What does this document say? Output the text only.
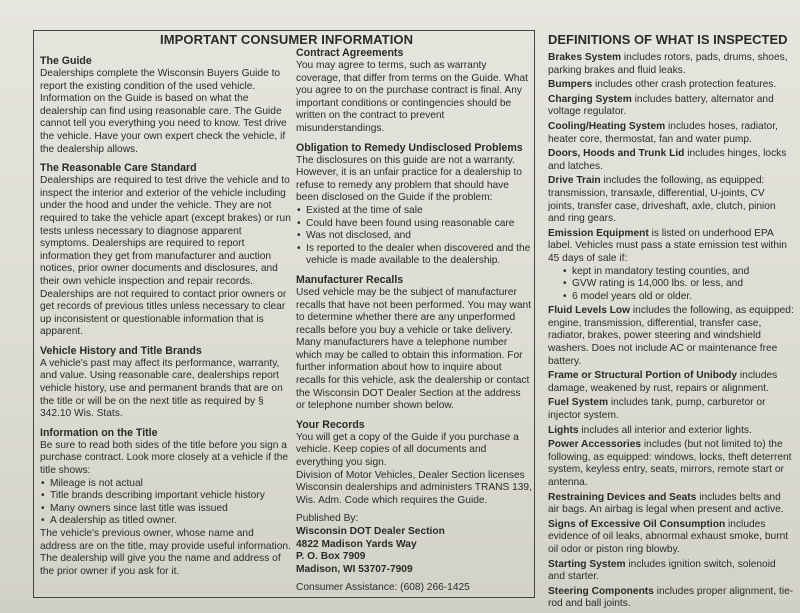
IMPORTANT CONSUMER INFORMATION	DEFINITIONS OF WHAT IS INSPECTED
The Guide

Dealerships complete the Wisconsin Buyers Guide to report the existing condition of the used vehicle. Information on the Guide is based on what the dealership can find using reasonable care. The Guide cannot tell you everything you need to know. Test drive the vehicle. Have your own expert check the vehicle, if the dealership allows.

The Reasonable Care Standard

Dealerships are required to test drive the vehicle and to inspect the interior and exterior of the vehicle including under the hood and under the vehicle. They are not required to take the vehicle apart (except brakes) or run tests unless necessary to diagnose apparent symptoms. Dealerships are required to report information they get from manufacturer and auction notices, prior owner documents and disclosures, and their own vehicle inspection and repair records. Dealerships are not required to contact prior owners or get records of previous titles unless necessary to clear up inconsistent or questionable information that is apparent.

Vehicle History and Title Brands

A vehicle's past may affect its performance, warranty, and value. Using reasonable care, dealerships report vehicle history, use and permanent brands that are on the title or will be on the next title as required by § 342.10 Wis. Stats.

Information on the Title

Be sure to read both sides of the title before you sign a purchase contract. Look more closely at a vehicle if the title shows:

• Mileage is not actual
• Title brands describing important vehicle history
• Many owners since last title was issued
• A dealership as titled owner.

The vehicle's previous owner, whose name and address are on the title, may provide useful information. The dealership will give you the name and address of the prior owner if you ask for it.

Contract Agreements

You may agree to terms, such as warranty coverage, that differ from terms on the Guide. What you agree to on the purchase contract is final. Any important conditions or contingencies should be written on the contract to prevent misunderstandings.

Obligation to Remedy Undisclosed Problems

The disclosures on this guide are not a warranty. However, it is an unfair practice for a dealership to refuse to remedy any problem that should have been disclosed on the Guide if the problem:

• Existed at the time of sale
• Could have been found using reasonable care
• Was not disclosed, and
• Is reported to the dealer when discovered and the vehicle is made available to the dealership.
Manufacturer Recalls

Used vehicle may be the subject of manufacturer recalls that have not been performed. You may want to determine whether there are any unperformed recalls before you buy a vehicle or take delivery. Many manufacturers have a telephone number which may be called to obtain this information. For further information about how to inquire about recalls for this vehicle, ask the dealership or contact the Wisconsin DOT Dealer Section at the address or telephone number shown below.

Your Records

You will get a copy of the Guide if you purchase a vehicle. Keep copies of all documents and everything you sign.

Division of Motor Vehicles, Dealer Section licenses Wisconsin dealerships and administers TRANS 139, Wis. Adm. Code which requires the Guide.

Published By:
Wisconsin DOT Dealer Section
4822 Madison Yards Way
P. O. Box 7909
Madison, WI 53707-7909
Consumer Assistance: (608) 266-1425
Brakes System includes rotors, pads, drums, shoes, parking brakes and fluid leaks.
Bumpers includes other crash protection features.
Charging System includes battery, alternator and voltage regulator.
Cooling/Heating System includes hoses, radiator, heater core, thermostat, fan and water pump.
Doors, Hoods and Trunk Lid includes hinges, locks and latches.
Drive Train includes the following, as equipped: transmission, transaxle, differential, U-joints, CV joints, transfer case, driveshaft, axle, clutch, pinion and ring gears.
Emission Equipment is listed on underhood EPA label. Vehicles must pass a state emission test within 45 days of sale if:
• kept in mandatory testing counties, and
• GVW rating is 14,000 lbs. or less, and
• 6 model years old or older.
Fluid Levels Low includes the following, as equipped: engine, transmission, differential, transfer case, radiator, brakes, power steering and windshield washers. Does not include AC or maintenance free battery.
Frame or Structural Portion of Unibody includes damage, weakened by rust, repairs or alignment.
Fuel System includes tank, pump, carburetor or injector system.
Lights includes all interior and exterior lights.
Power Accessories includes (but not limited to) the following, as equipped: windows, locks, theft deterrent system, keyless entry, seats, mirrors, remote start or antenna.
Restraining Devices and Seats includes belts and air bags. An airbag is legal when present and active.
Signs of Excessive Oil Consumption includes evidence of oil leaks, abnormal exhaust smoke, burnt oil odor or piston ring blowby.
Starting System includes ignition switch, solenoid and starter.
Steering Components includes proper alignment, tie-rod and ball joints.
